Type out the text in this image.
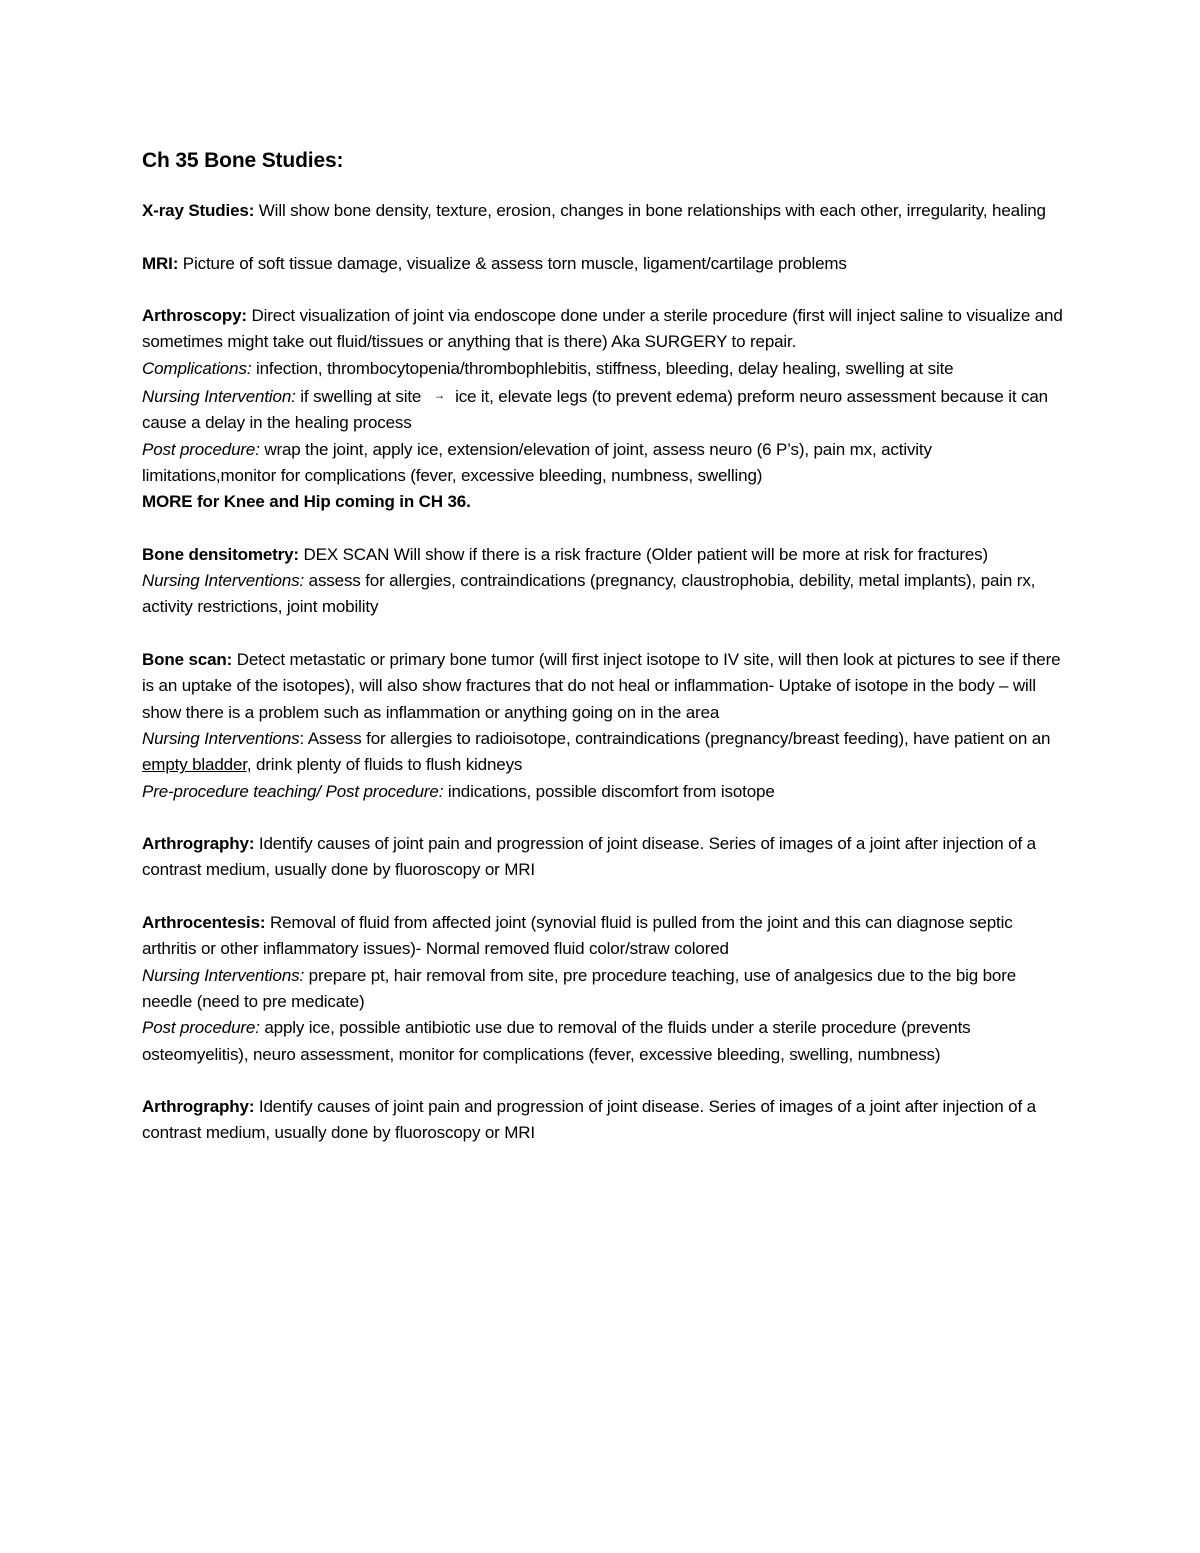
Ch 35 Bone Studies:
X-ray Studies: Will show bone density, texture, erosion, changes in bone relationships with each other, irregularity, healing
MRI: Picture of soft tissue damage, visualize & assess torn muscle, ligament/cartilage problems
Arthroscopy: Direct visualization of joint via endoscope done under a sterile procedure (first will inject saline to visualize and sometimes might take out fluid/tissues or anything that is there) Aka SURGERY to repair.
Complications: infection, thrombocytopenia/thrombophlebitis, stiffness, bleeding, delay healing, swelling at site
Nursing Intervention: if swelling at site → ice it, elevate legs (to prevent edema) preform neuro assessment because it can cause a delay in the healing process
Post procedure: wrap the joint, apply ice, extension/elevation of joint, assess neuro (6 P’s), pain mx, activity limitations,monitor for complications (fever, excessive bleeding, numbness, swelling)
MORE for Knee and Hip coming in CH 36.
Bone densitometry: DEX SCAN Will show if there is a risk fracture (Older patient will be more at risk for fractures)
Nursing Interventions: assess for allergies, contraindications (pregnancy, claustrophobia, debility, metal implants), pain rx, activity restrictions, joint mobility
Bone scan: Detect metastatic or primary bone tumor (will first inject isotope to IV site, will then look at pictures to see if there is an uptake of the isotopes), will also show fractures that do not heal or inflammation- Uptake of isotope in the body – will show there is a problem such as inflammation or anything going on in the area
Nursing Interventions: Assess for allergies to radioisotope, contraindications (pregnancy/breast feeding), have patient on an empty bladder, drink plenty of fluids to flush kidneys
Pre-procedure teaching/ Post procedure: indications, possible discomfort from isotope
Arthrography: Identify causes of joint pain and progression of joint disease. Series of images of a joint after injection of a contrast medium, usually done by fluoroscopy or MRI
Arthrocentesis: Removal of fluid from affected joint (synovial fluid is pulled from the joint and this can diagnose septic arthritis or other inflammatory issues)- Normal removed fluid color/straw colored
Nursing Interventions: prepare pt, hair removal from site, pre procedure teaching, use of analgesics due to the big bore needle (need to pre medicate)
Post procedure: apply ice, possible antibiotic use due to removal of the fluids under a sterile procedure (prevents osteomyelitis), neuro assessment, monitor for complications (fever, excessive bleeding, swelling, numbness)
Arthrography: Identify causes of joint pain and progression of joint disease. Series of images of a joint after injection of a contrast medium, usually done by fluoroscopy or MRI
